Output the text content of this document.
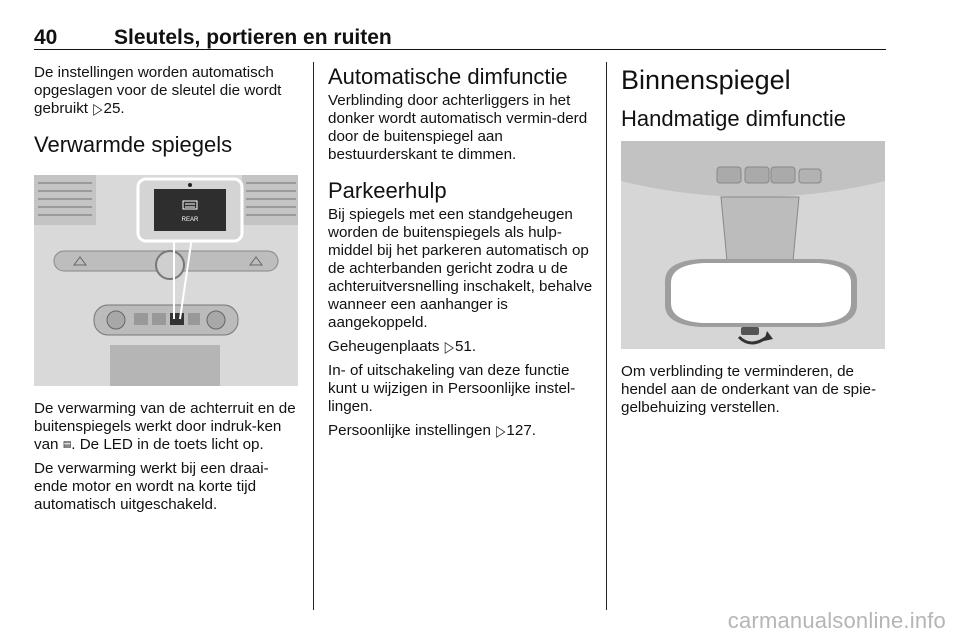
40	Sleutels, portieren en ruiten

De instellingen worden automatisch opgeslagen voor de sleutel die wordt gebruikt ▷25.

Verwarmde spiegels
REAR

De verwarming van de achterruit en de buitenspiegels werkt door indruk-ken van ▤. De LED in de toets licht op.

De verwarming werkt bij een draai-ende motor en wordt na korte tijd automatisch uitgeschakeld.

Automatische dimfunctie

Verblinding door achterliggers in het donker wordt automatisch vermin-derd door de buitenspiegel aan bestuurderskant te dimmen.

Parkeerhulp

Bij spiegels met een standgeheugen worden de buitenspiegels als hulp-middel bij het parkeren automatisch op de achterbanden gericht zodra u de achteruitversnelling inschakelt, behalve wanneer een aanhanger is aangekoppeld.

Geheugenplaats ▷51.

In- of uitschakeling van deze functie kunt u wijzigen in Persoonlijke instel-lingen.

Persoonlijke instellingen ▷127.

Binnenspiegel
Handmatige dimfunctie

Om verblinding te verminderen, de hendel aan de onderkant van de spie-gelbehuizing verstellen.

carmanualsonline.info
